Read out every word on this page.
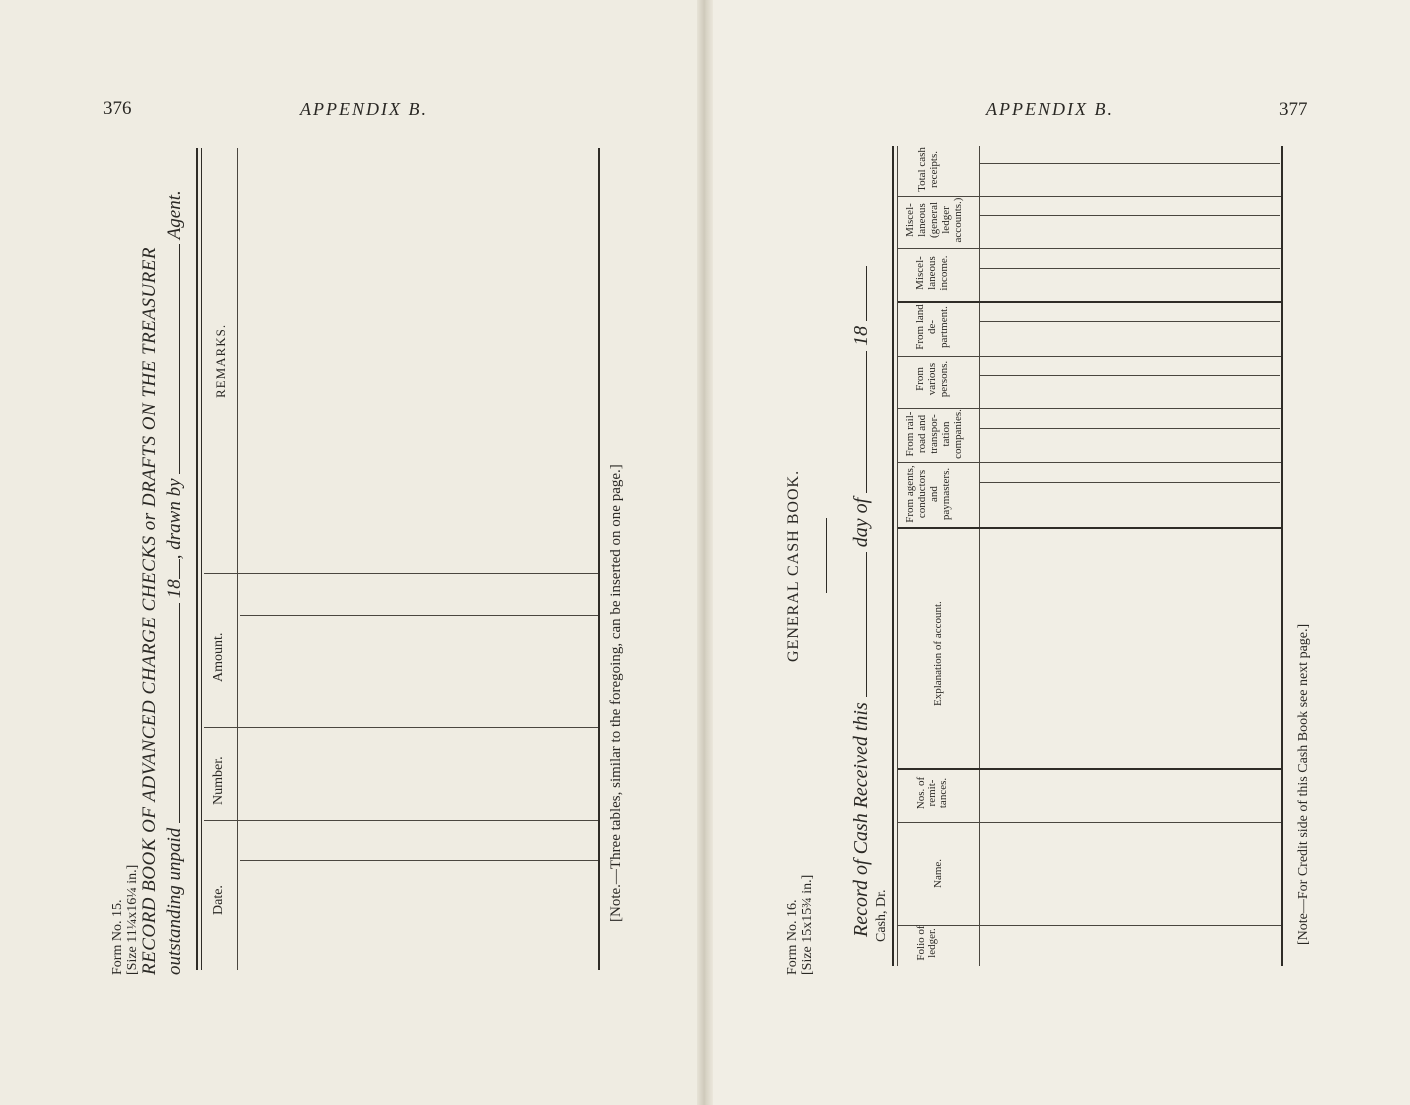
376	APPENDIX B.
Form No. 15. [Size 11¼x16¼ in.] RECORD BOOK OF ADVANCED CHARGE CHECKS or DRAFTS ON THE TREASURER outstanding unpaid  18, drawn by  Agent.
Date.
Number.
Amount.
REMARKS.
[Note.—Three tables, similar to the foregoing, can be inserted on one page.]
APPENDIX B.	377
Form No. 16. [Size 15x15¾ in.]
GENERAL CASH BOOK.
Record of Cash Received this  day of  18
Cash, Dr.
Folio of ledger.
Name.
Nos. of remit-tances.
Explanation of account.
From agents, conductors and paymasters.
From rail-road and transpor-tation companies.
From various persons.
From land de-partment.
Miscel-laneous income.
Miscel-laneous (general ledger accounts.)
Total cash receipts.
[Note—For Credit side of this Cash Book see next page.]
